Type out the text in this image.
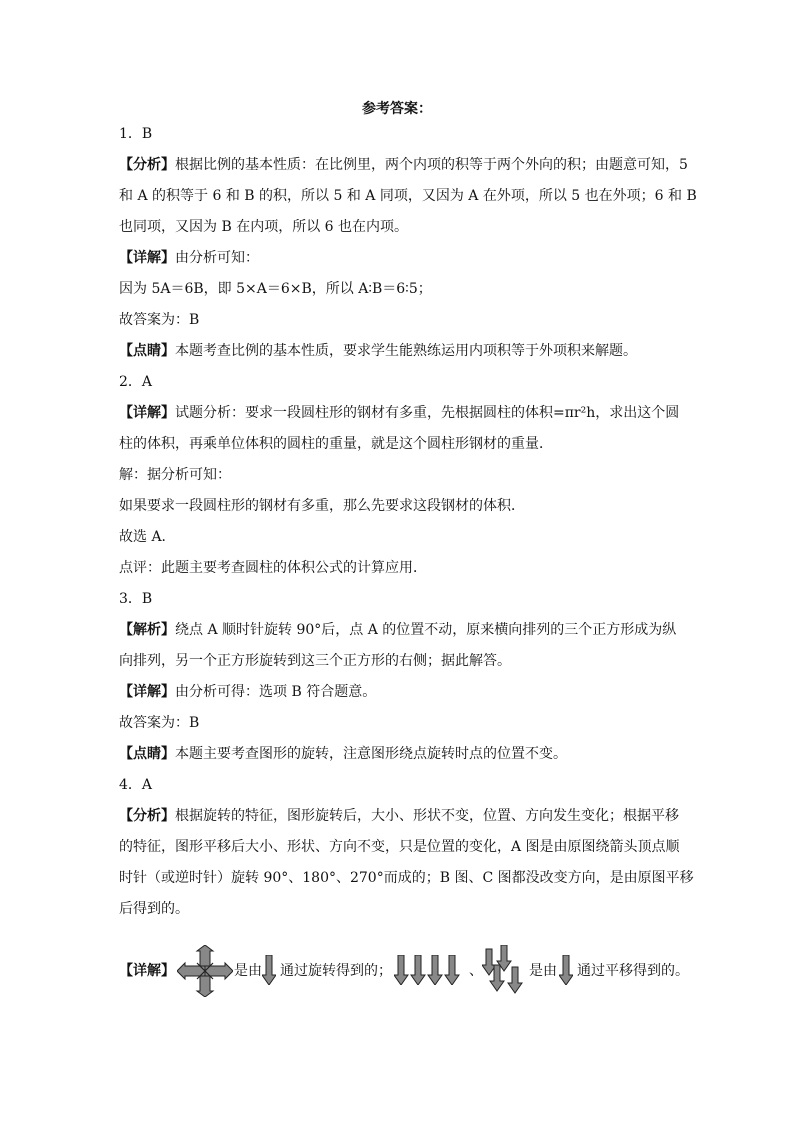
参考答案：
1．B
【分析】根据比例的基本性质：在比例里，两个内项的积等于两个外向的积；由题意可知，5
和 A 的积等于 6 和 B 的积，所以 5 和 A 同项，又因为 A 在外项，所以 5 也在外项；6 和 B
也同项，又因为 B 在内项，所以 6 也在内项。
【详解】由分析可知：
因为 5A＝6B，即 5×A＝6×B，所以 A∶B＝6∶5；
故答案为：B
【点睛】本题考查比例的基本性质，要求学生能熟练运用内项积等于外项积来解题。
2．A
【详解】试题分析：要求一段圆柱形的钢材有多重，先根据圆柱的体积=πr²h，求出这个圆
柱的体积，再乘单位体积的圆柱的重量，就是这个圆柱形钢材的重量．
解：据分析可知：
如果要求一段圆柱形的钢材有多重，那么先要求这段钢材的体积．
故选 A．
点评：此题主要考查圆柱的体积公式的计算应用．
3．B
【解析】绕点 A 顺时针旋转 90°后，点 A 的位置不动，原来横向排列的三个正方形成为纵
向排列，另一个正方形旋转到这三个正方形的右侧；据此解答。
【详解】由分析可得：选项 B 符合题意。
故答案为：B
【点睛】本题主要考查图形的旋转，注意图形绕点旋转时点的位置不变。
4．A
【分析】根据旋转的特征，图形旋转后，大小、形状不变，位置、方向发生变化；根据平移
的特征，图形平移后大小、形状、方向不变，只是位置的变化，A 图是由原图绕箭头顶点顺
时针（或逆时针）旋转 90°、180°、270°而成的；B 图、C 图都没改变方向，是由原图平移
后得到的。
【详解】	是由 通过旋转得到的；	、	是由 通过平移得到的。
